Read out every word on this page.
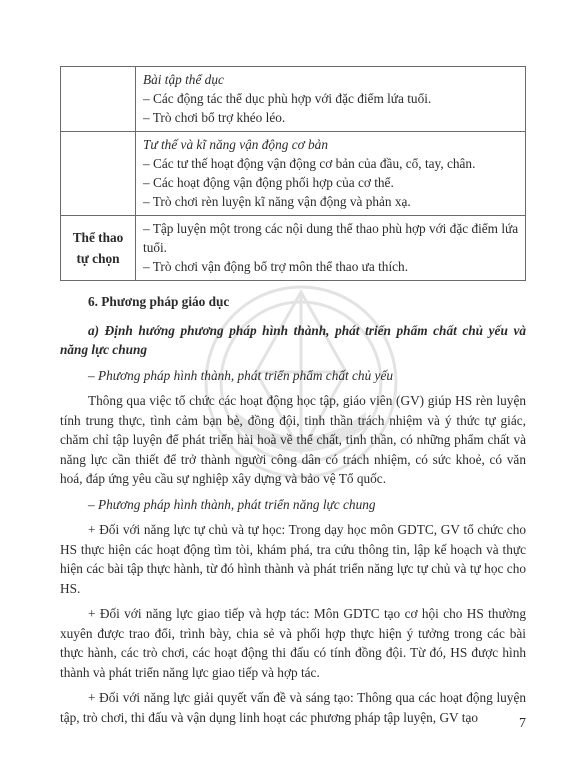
	Bài tập thể dục
– Các động tác thể dục phù hợp với đặc điểm lứa tuổi.
– Trò chơi bổ trợ khéo léo.

	Tư thế và kĩ năng vận động cơ bản
– Các tư thế hoạt động vận động cơ bản của đầu, cổ, tay, chân.
– Các hoạt động vận động phối hợp của cơ thể.
– Trò chơi rèn luyện kĩ năng vận động và phản xạ.

Thể thao
tự chọn	– Tập luyện một trong các nội dung thể thao phù hợp với đặc điểm lứa tuổi.
– Trò chơi vận động bổ trợ môn thể thao ưa thích.

6. Phương pháp giáo dục

a) Định hướng phương pháp hình thành, phát triển phẩm chất chủ yếu và năng lực chung

– Phương pháp hình thành, phát triển phẩm chất chủ yếu

Thông qua việc tổ chức các hoạt động học tập, giáo viên (GV) giúp HS rèn luyện tính trung thực, tình cảm bạn bè, đồng đội, tinh thần trách nhiệm và ý thức tự giác, chăm chỉ tập luyện để phát triển hài hoà về thể chất, tinh thần, có những phẩm chất và năng lực cần thiết để trở thành người công dân có trách nhiệm, có sức khoẻ, có văn hoá, đáp ứng yêu cầu sự nghiệp xây dựng và bảo vệ Tổ quốc.

– Phương pháp hình thành, phát triển năng lực chung

+ Đối với năng lực tự chủ và tự học: Trong dạy học môn GDTC, GV tổ chức cho HS thực hiện các hoạt động tìm tòi, khám phá, tra cứu thông tin, lập kế hoạch và thực hiện các bài tập thực hành, từ đó hình thành và phát triển năng lực tự chủ và tự học cho HS.

+ Đối với năng lực giao tiếp và hợp tác: Môn GDTC tạo cơ hội cho HS thường xuyên được trao đổi, trình bày, chia sẻ và phối hợp thực hiện ý tưởng trong các bài thực hành, các trò chơi, các hoạt động thi đấu có tính đồng đội. Từ đó, HS được hình thành và phát triển năng lực giao tiếp và hợp tác.

+ Đối với năng lực giải quyết vấn đề và sáng tạo: Thông qua các hoạt động luyện tập, trò chơi, thi đấu và vận dụng linh hoạt các phương pháp tập luyện, GV tạo	7
